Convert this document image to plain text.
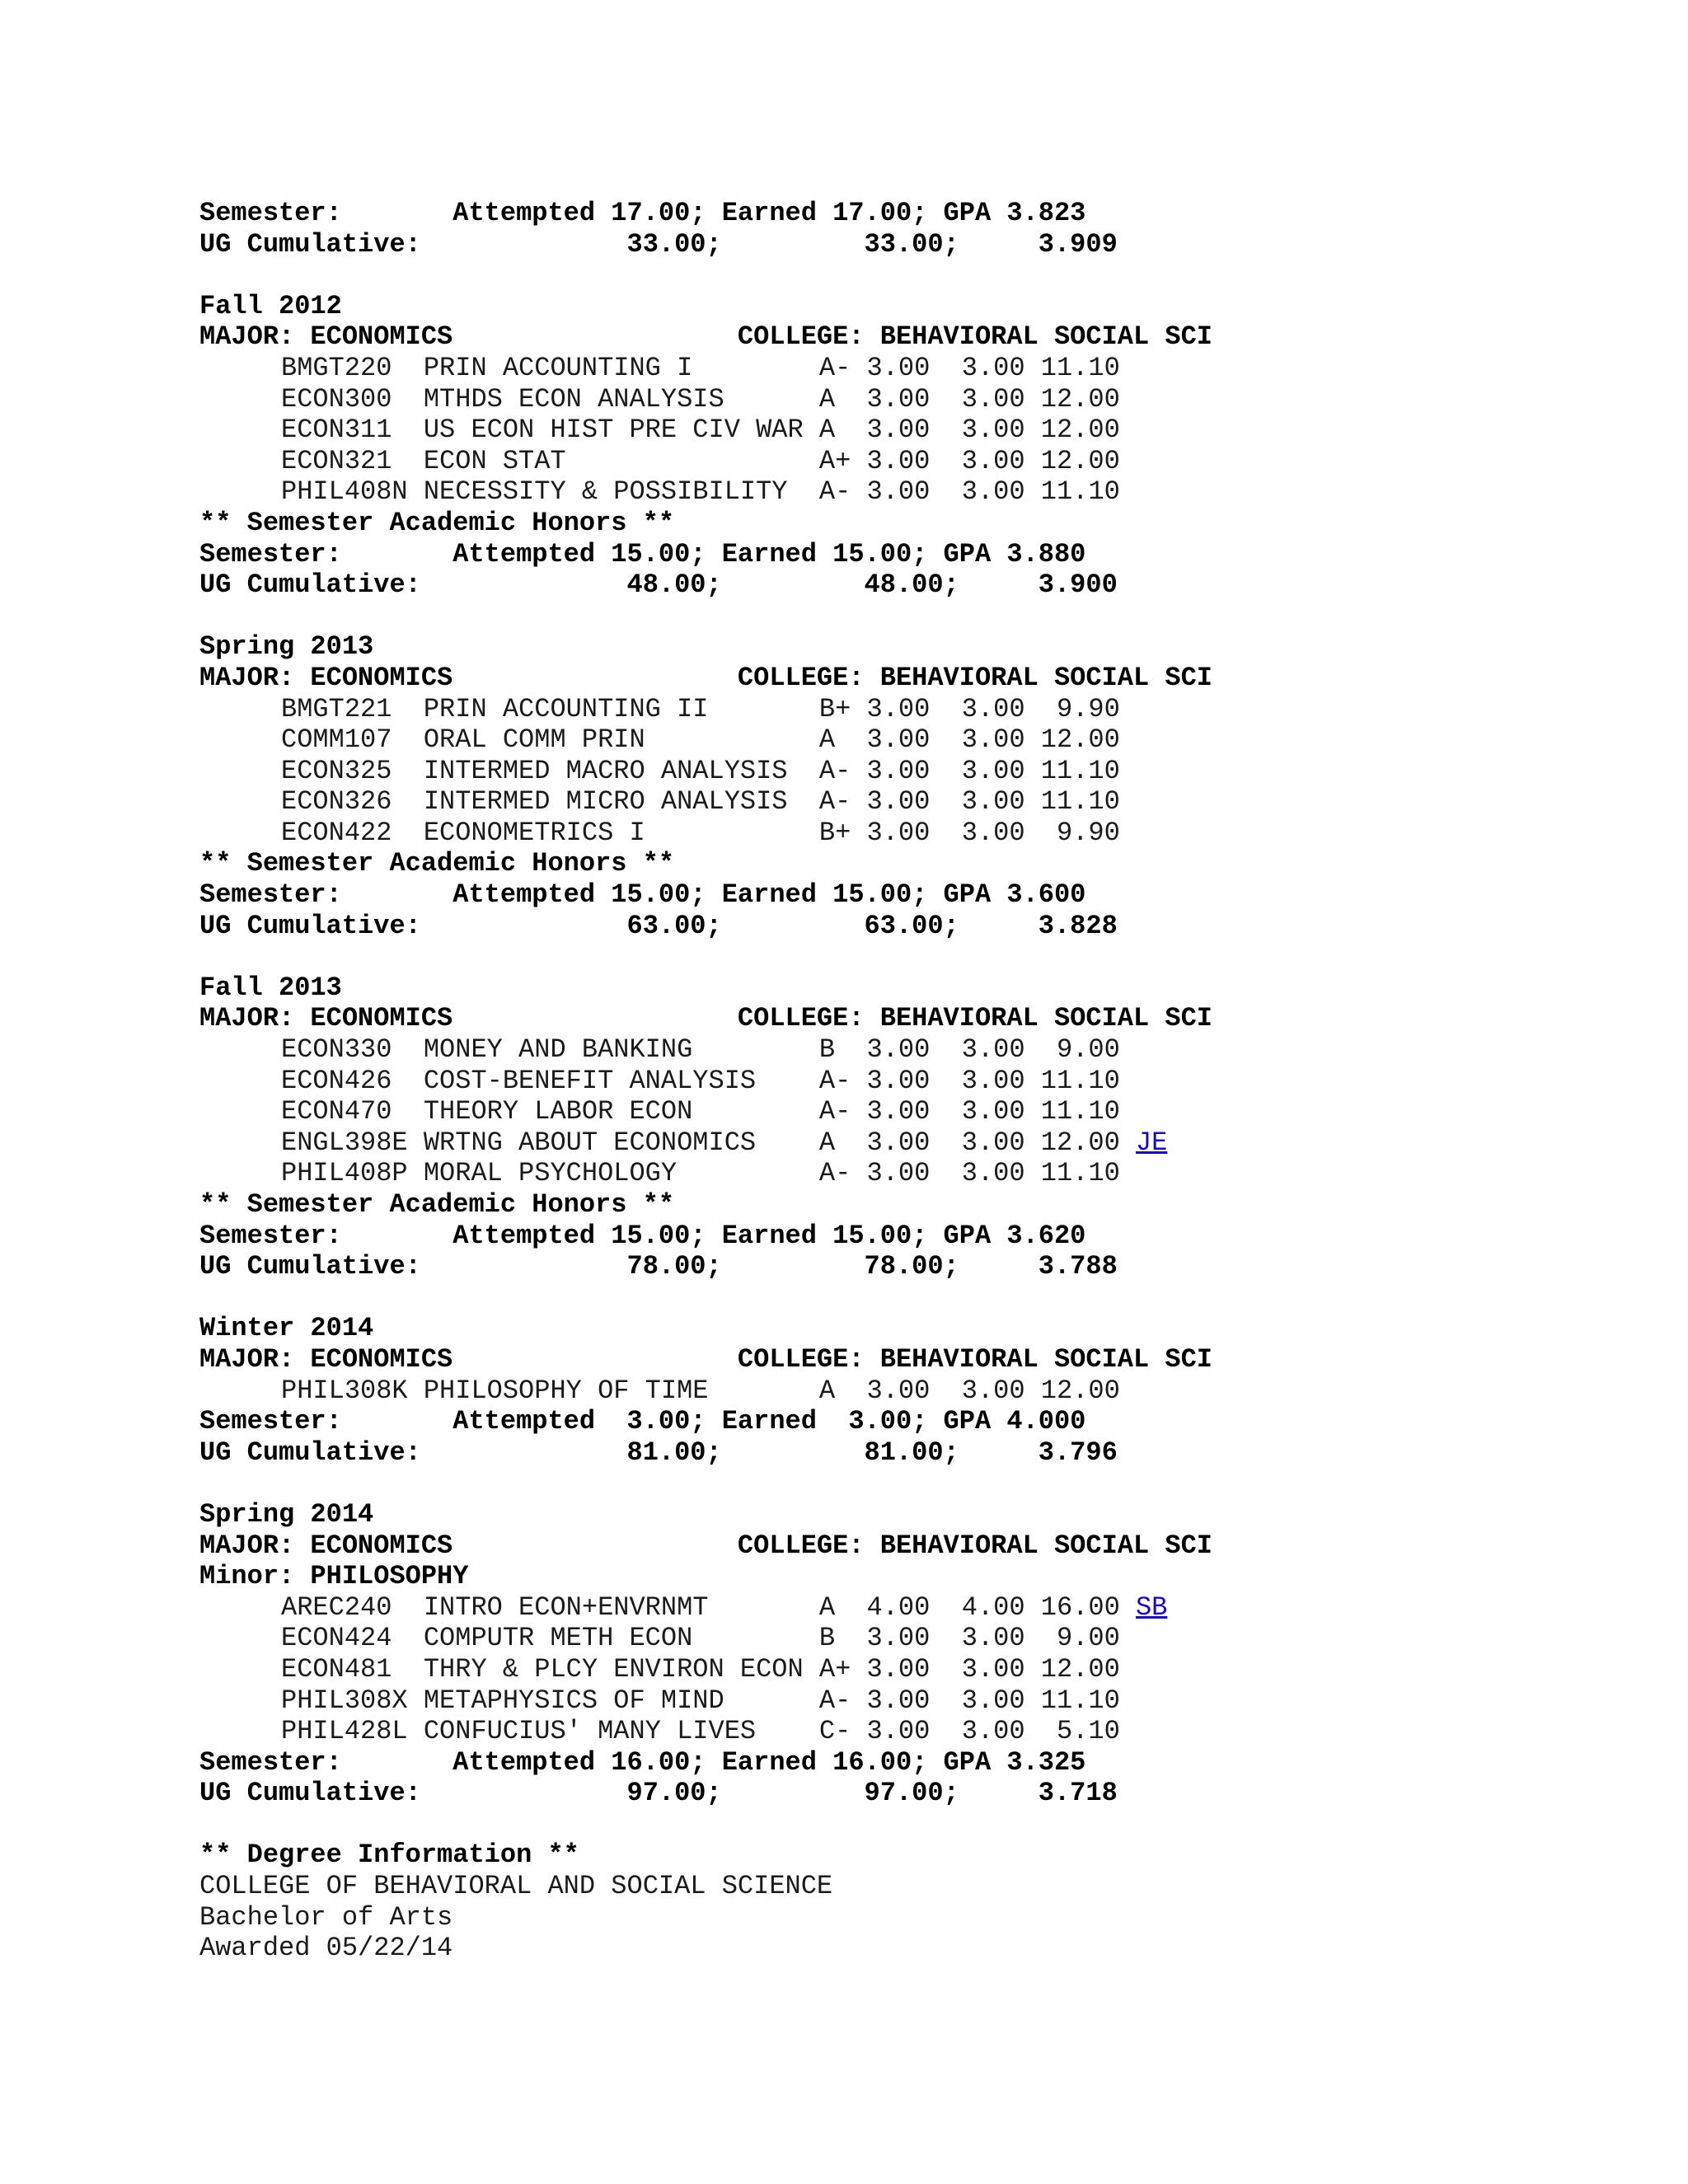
Semester:       Attempted 17.00; Earned 17.00; GPA 3.823
UG Cumulative:             33.00;         33.00;     3.909
Fall 2012
MAJOR: ECONOMICS                  COLLEGE: BEHAVIORAL SOCIAL SCI
BMGT220  PRIN ACCOUNTING I        A- 3.00  3.00 11.10
ECON300  MTHDS ECON ANALYSIS      A  3.00  3.00 12.00
ECON311  US ECON HIST PRE CIV WAR A  3.00  3.00 12.00
ECON321  ECON STAT                A+ 3.00  3.00 12.00
PHIL408N NECESSITY & POSSIBILITY  A- 3.00  3.00 11.10
** Semester Academic Honors **
Semester:       Attempted 15.00; Earned 15.00; GPA 3.880
UG Cumulative:             48.00;         48.00;     3.900
Spring 2013
MAJOR: ECONOMICS                  COLLEGE: BEHAVIORAL SOCIAL SCI
BMGT221  PRIN ACCOUNTING II       B+ 3.00  3.00  9.90
COMM107  ORAL COMM PRIN           A  3.00  3.00 12.00
ECON325  INTERMED MACRO ANALYSIS  A- 3.00  3.00 11.10
ECON326  INTERMED MICRO ANALYSIS  A- 3.00  3.00 11.10
ECON422  ECONOMETRICS I           B+ 3.00  3.00  9.90
** Semester Academic Honors **
Semester:       Attempted 15.00; Earned 15.00; GPA 3.600
UG Cumulative:             63.00;         63.00;     3.828
Fall 2013
MAJOR: ECONOMICS                  COLLEGE: BEHAVIORAL SOCIAL SCI
ECON330  MONEY AND BANKING        B  3.00  3.00  9.00
ECON426  COST-BENEFIT ANALYSIS    A- 3.00  3.00 11.10
ECON470  THEORY LABOR ECON        A- 3.00  3.00 11.10
ENGL398E WRTNG ABOUT ECONOMICS    A  3.00  3.00 12.00 JE
PHIL408P MORAL PSYCHOLOGY         A- 3.00  3.00 11.10
** Semester Academic Honors **
Semester:       Attempted 15.00; Earned 15.00; GPA 3.620
UG Cumulative:             78.00;         78.00;     3.788
Winter 2014
MAJOR: ECONOMICS                  COLLEGE: BEHAVIORAL SOCIAL SCI
PHIL308K PHILOSOPHY OF TIME       A  3.00  3.00 12.00
Semester:       Attempted  3.00; Earned  3.00; GPA 4.000
UG Cumulative:             81.00;         81.00;     3.796
Spring 2014
MAJOR: ECONOMICS                  COLLEGE: BEHAVIORAL SOCIAL SCI
Minor: PHILOSOPHY
AREC240  INTRO ECON+ENVRNMT       A  4.00  4.00 16.00 SB
ECON424  COMPUTR METH ECON        B  3.00  3.00  9.00
ECON481  THRY & PLCY ENVIRON ECON A+ 3.00  3.00 12.00
PHIL308X METAPHYSICS OF MIND      A- 3.00  3.00 11.10
PHIL428L CONFUCIUS' MANY LIVES    C- 3.00  3.00  5.10
Semester:       Attempted 16.00; Earned 16.00; GPA 3.325
UG Cumulative:             97.00;         97.00;     3.718
** Degree Information **
COLLEGE OF BEHAVIORAL AND SOCIAL SCIENCE
Bachelor of Arts
Awarded 05/22/14
